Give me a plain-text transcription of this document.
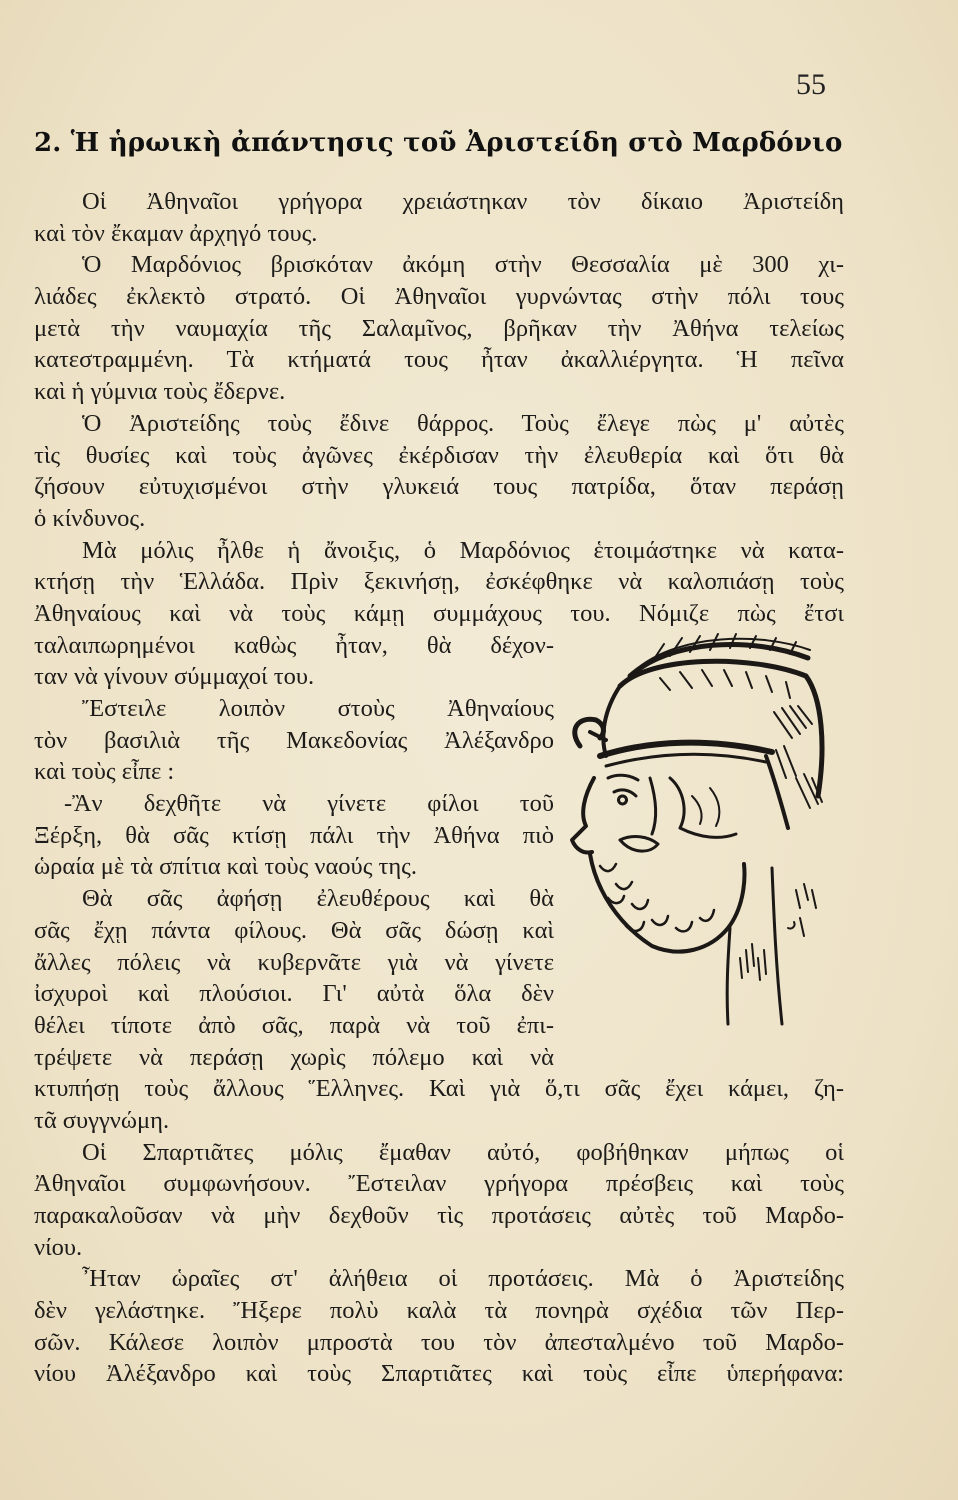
55
2. Ἡ ἡρωικὴ ἀπάντησις τοῦ Ἀριστείδη στὸ Μαρδόνιο
Οἱ Ἀθηναῖοι γρήγορα χρειάστηκαν τὸν δίκαιο Ἀριστείδη
καὶ τὸν ἔκαμαν ἀρχηγό τους.
Ὁ Μαρδόνιος βρισκόταν ἀκόμη στὴν Θεσσαλία μὲ 300 χι-
λιάδες ἐκλεκτὸ στρατό. Οἱ Ἀθηναῖοι γυρνώντας στὴν πόλι τους
μετὰ τὴν ναυμαχία τῆς Σαλαμῖνος, βρῆκαν τὴν Ἀθήνα τελείως
κατεστραμμένη. Τὰ κτήματά τους ἦταν ἀκαλλιέργητα. Ἡ πεῖνα
καὶ ἡ γύμνια τοὺς ἔδερνε.
Ὁ Ἀριστείδης τοὺς ἔδινε θάρρος. Τοὺς ἔλεγε πὼς μ' αὐτὲς
τὶς θυσίες καὶ τοὺς ἀγῶνες ἐκέρδισαν τὴν ἐλευθερία καὶ ὅτι θὰ
ζήσουν εὐτυχισμένοι στὴν γλυκειά τους πατρίδα, ὅταν περάσῃ
ὁ κίνδυνος.
Μὰ μόλις ἦλθε ἡ ἄνοιξις, ὁ Μαρδόνιος ἑτοιμάστηκε νὰ κατα-
κτήσῃ τὴν Ἑλλάδα. Πρὶν ξεκινήσῃ, ἐσκέφθηκε νὰ καλοπιάσῃ τοὺς
Ἀθηναίους καὶ νὰ τοὺς κάμῃ συμμάχους του. Νόμιζε πὼς ἔτσι
ταλαιπωρημένοι καθὼς ἦταν, θὰ δέχον-
ταν νὰ γίνουν σύμμαχοί του.
Ἔστειλε λοιπὸν στοὺς Ἀθηναίους
τὸν βασιλιὰ τῆς Μακεδονίας Ἀλέξανδρο
καὶ τοὺς εἶπε :
-Ἂν δεχθῆτε νὰ γίνετε φίλοι τοῦ
Ξέρξη, θὰ σᾶς κτίσῃ πάλι τὴν Ἀθήνα πιὸ
ὡραία μὲ τὰ σπίτια καὶ τοὺς ναούς της.
Θὰ σᾶς ἀφήσῃ ἐλευθέρους καὶ θὰ
σᾶς ἔχῃ πάντα φίλους. Θὰ σᾶς δώσῃ καὶ
ἄλλες πόλεις νὰ κυβερνᾶτε γιὰ νὰ γίνετε
ἰσχυροὶ καὶ πλούσιοι. Γι' αὐτὰ ὅλα δὲν
θέλει τίποτε ἀπὸ σᾶς, παρὰ νὰ τοῦ ἐπι-
τρέψετε νὰ περάσῃ χωρὶς πόλεμο καὶ νὰ
κτυπήσῃ τοὺς ἄλλους Ἕλληνες. Καὶ γιὰ ὅ,τι σᾶς ἔχει κάμει, ζη-
τᾶ συγγνώμη.
Οἱ Σπαρτιᾶτες μόλις ἔμαθαν αὐτό, φοβήθηκαν μήπως οἱ
Ἀθηναῖοι συμφωνήσουν. Ἔστειλαν γρήγορα πρέσβεις καὶ τοὺς
παρακαλοῦσαν νὰ μὴν δεχθοῦν τὶς προτάσεις αὐτὲς τοῦ Μαρδο-
νίου.
Ἦταν ὡραῖες στ' ἀλήθεια οἱ προτάσεις. Μὰ ὁ Ἀριστείδης
δὲν γελάστηκε. Ἤξερε πολὺ καλὰ τὰ πονηρὰ σχέδια τῶν Περ-
σῶν. Κάλεσε λοιπὸν μπροστὰ του τὸν ἀπεσταλμένο τοῦ Μαρδο-
νίου Ἀλέξανδρο καὶ τοὺς Σπαρτιᾶτες καὶ τοὺς εἶπε ὑπερήφανα:
